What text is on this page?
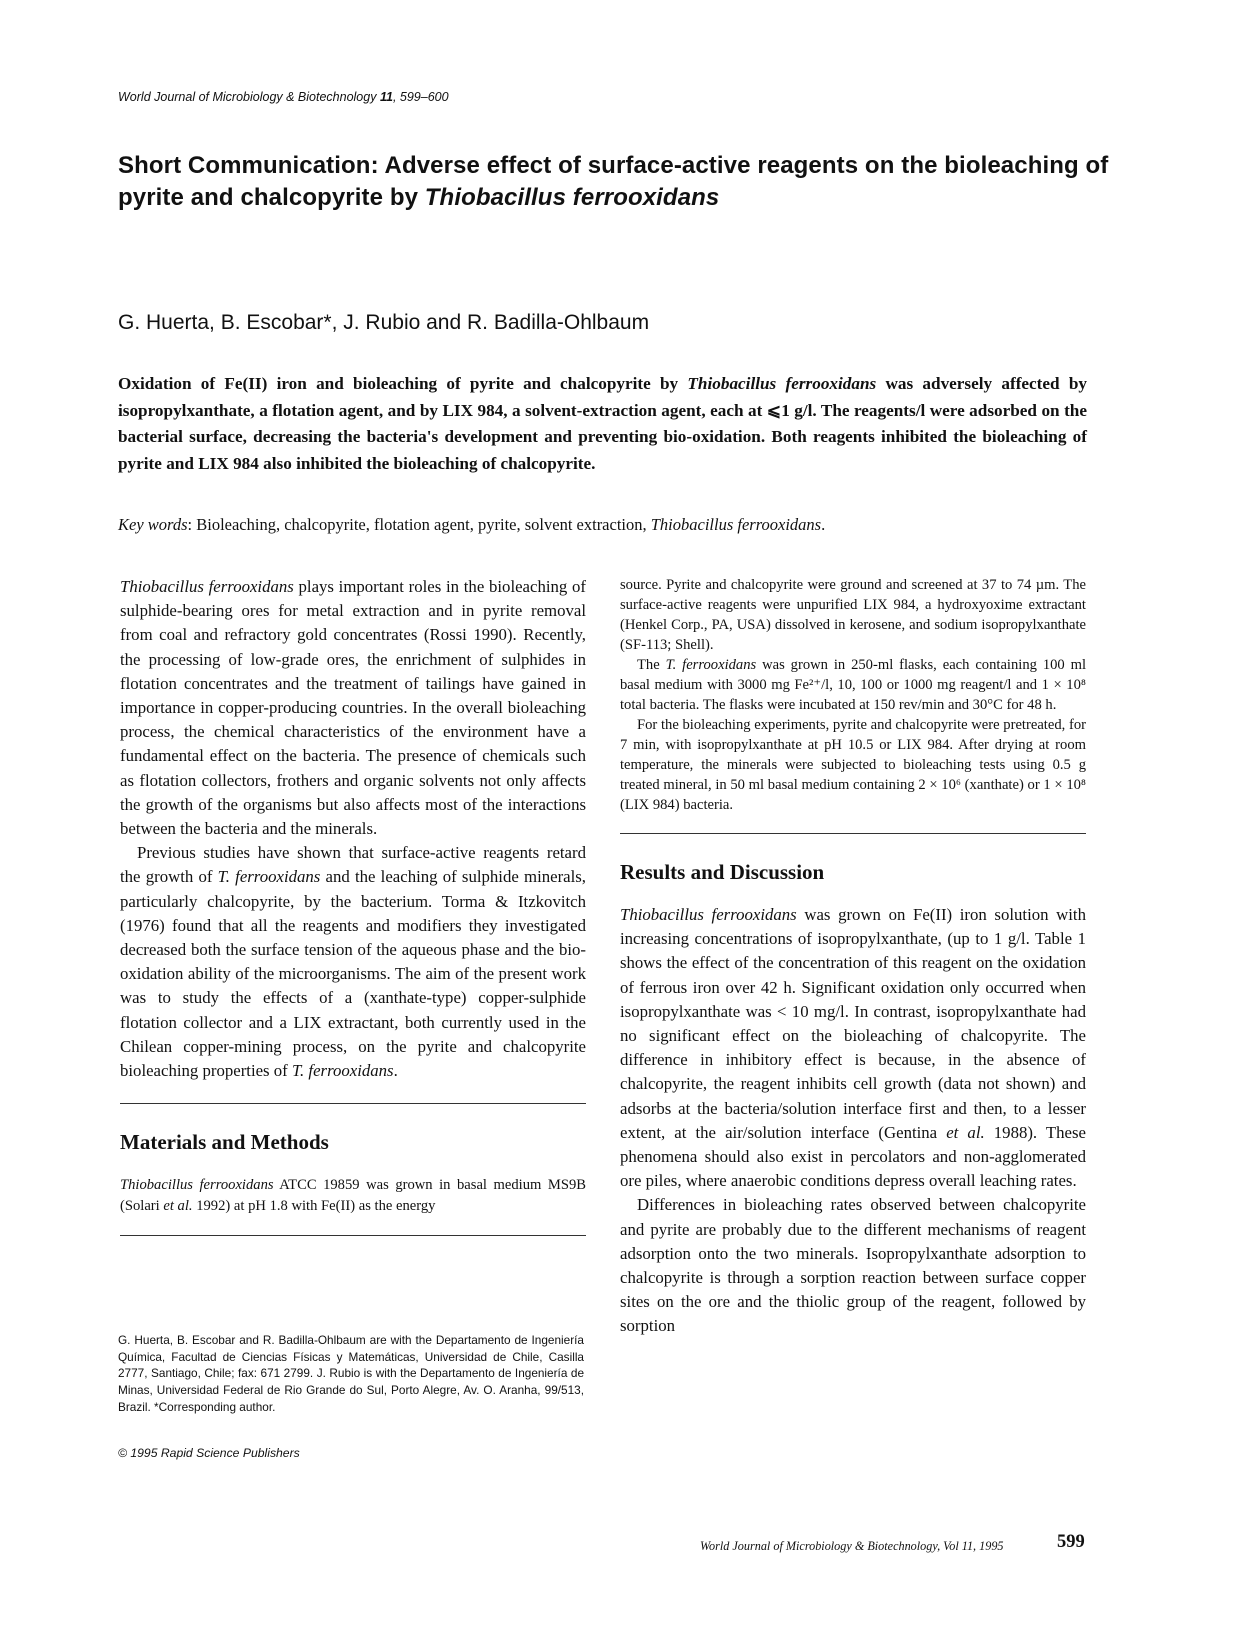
World Journal of Microbiology & Biotechnology 11, 599–600
Short Communication: Adverse effect of surface-active reagents on the bioleaching of pyrite and chalcopyrite by Thiobacillus ferrooxidans
G. Huerta, B. Escobar*, J. Rubio and R. Badilla-Ohlbaum

Oxidation of Fe(II) iron and bioleaching of pyrite and chalcopyrite by Thiobacillus ferrooxidans was adversely affected by isopropylxanthate, a flotation agent, and by LIX 984, a solvent-extraction agent, each at ⩽1 g/l. The reagents/l were adsorbed on the bacterial surface, decreasing the bacteria's development and preventing bio-oxidation. Both reagents inhibited the bioleaching of pyrite and LIX 984 also inhibited the bioleaching of chalcopyrite.

Key words: Bioleaching, chalcopyrite, flotation agent, pyrite, solvent extraction, Thiobacillus ferrooxidans.

Thiobacillus ferrooxidans plays important roles in the bioleaching of sulphide-bearing ores for metal extraction and in pyrite removal from coal and refractory gold concentrates (Rossi 1990). Recently, the processing of low-grade ores, the enrichment of sulphides in flotation concentrates and the treatment of tailings have gained in importance in copper-producing countries. In the overall bioleaching process, the chemical characteristics of the environment have a fundamental effect on the bacteria. The presence of chemicals such as flotation collectors, frothers and organic solvents not only affects the growth of the organisms but also affects most of the interactions between the bacteria and the minerals.

Previous studies have shown that surface-active reagents retard the growth of T. ferrooxidans and the leaching of sulphide minerals, particularly chalcopyrite, by the bacterium. Torma & Itzkovitch (1976) found that all the reagents and modifiers they investigated decreased both the surface tension of the aqueous phase and the bio-oxidation ability of the microorganisms. The aim of the present work was to study the effects of a (xanthate-type) copper-sulphide flotation collector and a LIX extractant, both currently used in the Chilean copper-mining process, on the pyrite and chalcopyrite bioleaching properties of T. ferrooxidans.

Materials and Methods

Thiobacillus ferrooxidans ATCC 19859 was grown in basal medium MS9B (Solari et al. 1992) at pH 1.8 with Fe(II) as the energy

G. Huerta, B. Escobar and R. Badilla-Ohlbaum are with the Departamento de Ingeniería Química, Facultad de Ciencias Físicas y Matemáticas, Universidad de Chile, Casilla 2777, Santiago, Chile; fax: 671 2799. J. Rubio is with the Departamento de Ingeniería de Minas, Universidad Federal de Rio Grande do Sul, Porto Alegre, Av. O. Aranha, 99/513, Brazil. *Corresponding author.

© 1995 Rapid Science Publishers

source. Pyrite and chalcopyrite were ground and screened at 37 to 74 µm. The surface-active reagents were unpurified LIX 984, a hydroxyoxime extractant (Henkel Corp., PA, USA) dissolved in kerosene, and sodium isopropylxanthate (SF-113; Shell).

The T. ferrooxidans was grown in 250-ml flasks, each containing 100 ml basal medium with 3000 mg Fe²⁺/l, 10, 100 or 1000 mg reagent/l and 1 × 10⁸ total bacteria. The flasks were incubated at 150 rev/min and 30°C for 48 h.

For the bioleaching experiments, pyrite and chalcopyrite were pretreated, for 7 min, with isopropylxanthate at pH 10.5 or LIX 984. After drying at room temperature, the minerals were subjected to bioleaching tests using 0.5 g treated mineral, in 50 ml basal medium containing 2 × 10⁶ (xanthate) or 1 × 10⁸ (LIX 984) bacteria.

Results and Discussion

Thiobacillus ferrooxidans was grown on Fe(II) iron solution with increasing concentrations of isopropylxanthate, (up to 1 g/l. Table 1 shows the effect of the concentration of this reagent on the oxidation of ferrous iron over 42 h. Significant oxidation only occurred when isopropylxanthate was < 10 mg/l. In contrast, isopropylxanthate had no significant effect on the bioleaching of chalcopyrite. The difference in inhibitory effect is because, in the absence of chalcopyrite, the reagent inhibits cell growth (data not shown) and adsorbs at the bacteria/solution interface first and then, to a lesser extent, at the air/solution interface (Gentina et al. 1988). These phenomena should also exist in percolators and non-agglomerated ore piles, where anaerobic conditions depress overall leaching rates.

Differences in bioleaching rates observed between chalcopyrite and pyrite are probably due to the different mechanisms of reagent adsorption onto the two minerals. Isopropylxanthate adsorption to chalcopyrite is through a sorption reaction between surface copper sites on the ore and the thiolic group of the reagent, followed by sorption

World Journal of Microbiology & Biotechnology, Vol 11, 1995	599
